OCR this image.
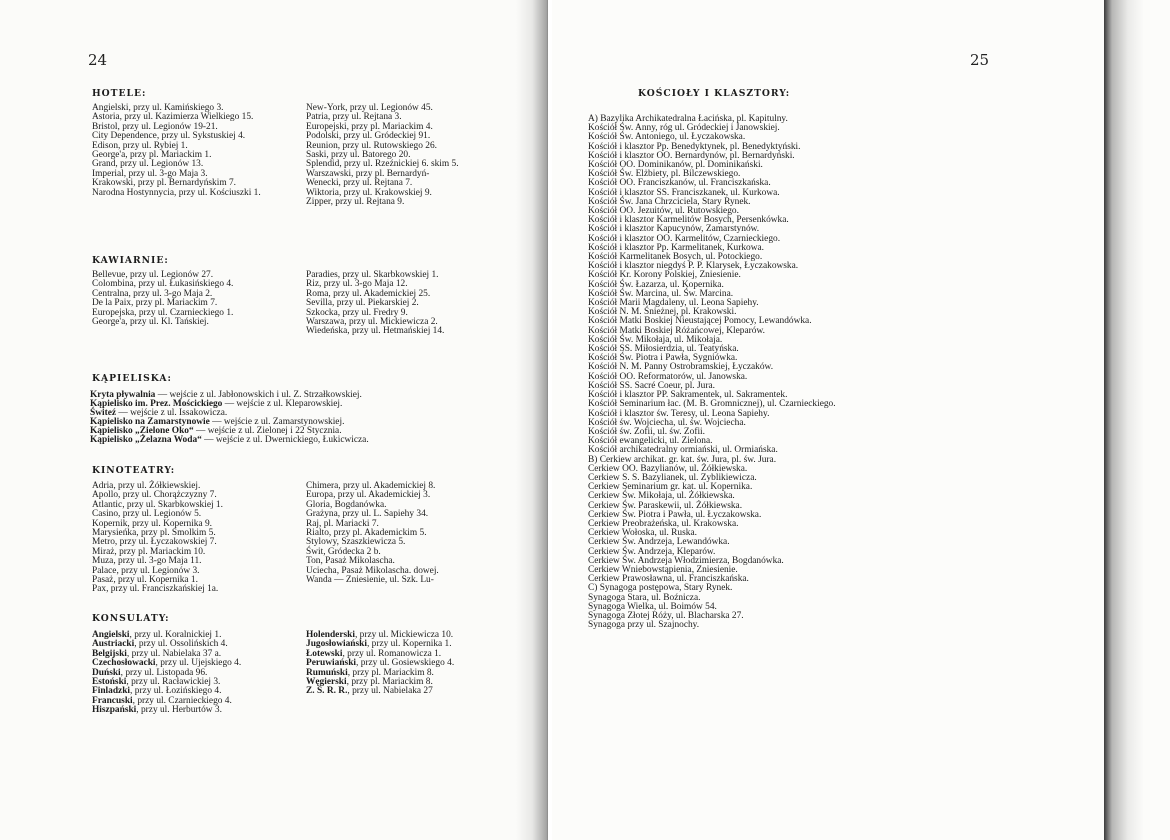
24
HOTELE:
Angielski, przy ul. Kamińskiego 3.
Astoria, przy ul. Kazimierza Wielkiego 15.
Bristol, przy ul. Legionów 19-21.
City Dependence, przy ul. Sykstuskiej 4.
Edison, przy ul. Rybiej 1.
George'a, przy pl. Mariackim 1.
Grand, przy ul. Legionów 13.
Imperial, przy ul. 3-go Maja 3.
Krakowski, przy pl. Bernardyńskim 7.
Narodna Hostynnycia, przy ul. Kościuszki 1.
New-York, przy ul. Legionów 45.
Patria, przy ul. Rejtana 3.
Europejski, przy pl. Mariackim 4.
Podolski, przy ul. Gródeckiej 91.
Reunion, przy ul. Rutowskiego 26.
Saski, przy ul. Batorego 20.
Splendid, przy ul. Rzeźnickiej 6. skim 5.
Warszawski, przy pl. Bernardyń-
Wenecki, przy ul. Rejtana 7.
Wiktoria, przy ul. Krakowskiej 9.
Zipper, przy ul. Rejtana 9.
KAWIARNIE:
Bellevue, przy ul. Legionów 27.
Colombina, przy ul. Łukasińskiego 4.
Centralna, przy ul. 3-go Maja 2.
De la Paix, przy pl. Mariackim 7.
Europejska, przy ul. Czarnieckiego 1.
George'a, przy ul. Kl. Tańskiej.
Paradies, przy ul. Skarbkowskiej 1.
Riz, przy ul. 3-go Maja 12.
Roma, przy ul. Akademickiej 25.
Sevilla, przy ul. Piekarskiej 2.
Szkocka, przy ul. Fredry 9.
Warszawa, przy ul. Mickiewicza 2.
Wiedeńska, przy ul. Hetmańskiej 14.
KĄPIELISKA:
Kryta pływalnia — wejście z ul. Jabłonowskich i ul. Z. Strzałkowskiej.
Kąpielisko im. Prez. Mościckiego — wejście z ul. Kleparowskiej.
Świteź — wejście z ul. Issakowicza.
Kąpielisko na Zamarstynowie — wejście z ul. Zamarstynowskiej.
Kąpielisko „Zielone Oko“ — wejście z ul. Zielonej i 22 Stycznia.
Kąpielisko „Żelazna Woda“ — wejście z ul. Dwernickiego, Łukicwicza.
KINOTEATRY:
Adria, przy ul. Żółkiewskiej.
Apollo, przy ul. Chorążczyzny 7.
Atlantic, przy ul. Skarbkowskiej 1.
Casino, przy ul. Legionów 5.
Kopernik, przy ul. Kopernika 9.
Marysieńka, przy pl. Smolkim 5.
Metro, przy ul. Łyczakowskiej 7.
Miraż, przy pl. Mariackim 10.
Muza, przy ul. 3-go Maja 11.
Palace, przy ul. Legionów 3.
Pasaż, przy ul. Kopernika 1.
Pax, przy ul. Franciszkańskiej 1a.
Chimera, przy ul. Akademickiej 8.
Europa, przy ul. Akademickiej 3.
Gloria, Bogdanówka.
Grażyna, przy ul. L. Sapiehy 34.
Raj, pl. Mariacki 7.
Rialto, przy pl. Akademickim 5.
Stylowy, Szaszkiewicza 5.
Świt, Gródecka 2 b.
Ton, Pasaż Mikolascha.
Uciecha, Pasaż Mikolascha. dowej.
Wanda — Zniesienie, ul. Szk. Lu-
KONSULATY:
Angielski, przy ul. Koralnickiej 1.
Austriacki, przy ul. Ossolińskich 4.
Belgijski, przy ul. Nabielaka 37 a.
Czechosłowacki, przy ul. Ujejskiego 4.
Duński, przy ul. Listopada 96.
Estoński, przy ul. Racławickiej 3.
Finladzki, przy ul. Łozińskiego 4.
Francuski, przy ul. Czarnieckiego 4.
Hiszpański, przy ul. Herburtów 3.
Holenderski, przy ul. Mickiewicza 10.
Jugosłowiański, przy ul. Kopernika 1.
Łotewski, przy ul. Romanowicza 1.
Peruwiański, przy ul. Gosiewskiego 4.
Rumuński, przy pl. Mariackim 8.
Węgierski, przy pl. Mariackim 8.
Z. S. R. R., przy ul. Nabielaka 27
25
KOŚCIOŁY I KLASZTORY:
A) Bazylika Archikatedralna Łacińska, pl. Kapitulny.
Kościół Św. Anny, róg ul. Gródeckiej i Janowskiej.
Kościół Św. Antoniego, ul. Łyczakowska.
Kościół i klasztor Pp. Benedyktynek, pl. Benedyktyński.
Kościół i klasztor OO. Bernardynów, pl. Bernardyński.
Kościół OO. Dominikanów, pl. Dominikański.
Kościół Św. Elżbiety, pl. Bilczewskiego.
Kościół OO. Franciszkanów, ul. Franciszkańska.
Kościół i klasztor SS. Franciszkanek, ul. Kurkowa.
Kościół Św. Jana Chrzciciela, Stary Rynek.
Kościół OO. Jezuitów, ul. Rutowskiego.
Kościół i klasztor Karmelitów Bosych, Persenkówka.
Kościół i klasztor Kapucynów, Zamarstynów.
Kościół i klasztor OO. Karmelitów, Czarnieckiego.
Kościół i klasztor Pp. Karmelitanek, Kurkowa.
Kościół Karmelitanek Bosych, ul. Potockiego.
Kościół i klasztor niegdyś P. P. Klarysek, Łyczakowska.
Kościół Kr. Korony Polskiej, Zniesienie.
Kościół Św. Łazarza, ul. Kopernika.
Kościół Św. Marcina, ul. Św. Marcina.
Kościół Marii Magdaleny, ul. Leona Sapiehy.
Kościół N. M. Śnieżnej, pl. Krakowski.
Kościół Matki Boskiej Nieustającej Pomocy, Lewandówka.
Kościół Matki Boskiej Różańcowej, Kleparów.
Kościół Św. Mikołaja, ul. Mikołaja.
Kościół SS. Miłosierdzia, ul. Teatyńska.
Kościół Św. Piotra i Pawła, Sygniówka.
Kościół N. M. Panny Ostrobramskiej, Łyczaków.
Kościół OO. Reformatorów, ul. Janowska.
Kościół SS. Sacré Coeur, pl. Jura.
Kościół i klasztor PP. Sakramentek, ul. Sakramentek.
Kościół Seminarium łac. (M. B. Gromnicznej), ul. Czarnieckiego.
Kościół i klasztor św. Teresy, ul. Leona Sapiehy.
Kościół św. Wojciecha, ul. św. Wojciecha.
Kościół św. Zofii, ul. św. Zofii.
Kościół ewangelicki, ul. Zielona.
Kościół archikatedralny ormiański, ul. Ormiańska.
B) Cerkiew archikat. gr. kat. św. Jura, pl. św. Jura.
Cerkiew OO. Bazylianów, ul. Żółkiewska.
Cerkiew S. S. Bazylianek, ul. Zyblikiewicza.
Cerkiew Seminarium gr. kat. ul. Kopernika.
Cerkiew Św. Mikołaja, ul. Żółkiewska.
Cerkiew Św. Paraskewii, ul. Żółkiewska.
Cerkiew Św. Piotra i Pawła, ul. Łyczakowska.
Cerkiew Preobrażeńska, ul. Krakowska.
Cerkiew Wołoska, ul. Ruska.
Cerkiew Św. Andrzeja, Lewandówka.
Cerkiew Św. Andrzeja, Kleparów.
Cerkiew Św. Andrzeja Włodzimierza, Bogdanówka.
Cerkiew Wniebowstąpienia, Zniesienie.
Cerkiew Prawosławna, ul. Franciszkańska.
C) Synagoga postępowa, Stary Rynek.
Synagoga Stara, ul. Boźnicza.
Synagoga Wielka, ul. Boimów 54.
Synagoga Złotej Róży, ul. Blacharska 27.
Synagoga przy ul. Szajnochy.
